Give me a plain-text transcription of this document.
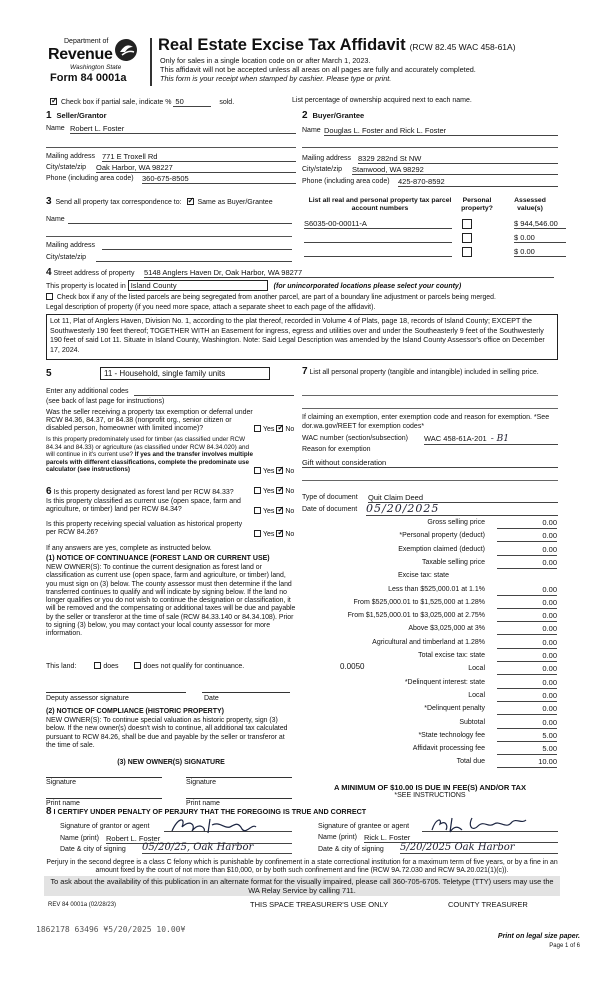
Department of
Revenue
Washington State
Form 84 0001a
Real Estate Excise Tax Affidavit (RCW 82.45 WAC 458-61A)
Only for sales in a single location code on or after March 1, 2023.
This affidavit will not be accepted unless all areas on all pages are fully and accurately completed.
This form is your receipt when stamped by cashier. Please type or print.
✓ Check box if partial sale, indicate % 50	sold.	List percentage of ownership acquired next to each name.
1 Seller/Grantor
Name Robert L. Foster
Mailing address 771 E Troxell Rd
City/state/zip Oak Harbor, WA 98227
Phone (including area code) 360-675-8505
2 Buyer/Grantee
Name Douglas L. Foster and Rick L. Foster
Mailing address 8329 282nd St NW
City/state/zip Stanwood, WA 98292
Phone (including area code) 425-870-8592
3 Send all property tax correspondence to: ✓ Same as Buyer/Grantee
Name
Mailing address
City/state/zip
List all real and personal property tax parcel account numbers
Personal property?
Assessed value(s)
S6035-00-00011-A	$ 944,546.00
$ 0.00
$ 0.00
4 Street address of property 5148 Anglers Haven Dr, Oak Harbor, WA 98277
This property is located in Island County	(for unincorporated locations please select your county)
Check box if any of the listed parcels are being segregated from another parcel, are part of a boundary line adjustment or parcels being merged.
Legal description of property (if you need more space, attach a separate sheet to each page of the affidavit).
Lot 11, Plat of Anglers Haven, Division No. 1, according to the plat thereof, recorded in Volume 4 of Plats, page 18, records of Island County; EXCEPT the Southwesterly 190 feet thereof; TOGETHER WITH an Easement for ingress, egress and utilities over and under the Southeasterly 9 feet of the Southwesterly 190 feet of said Lot 11. Situate in Island County, Washington. Note: Said Legal Description was amended by the Island County Assessor's office on December 17, 2024.
5	11 - Household, single family units
Enter any additional codes
(see back of last page for instructions)
Was the seller receiving a property tax exemption or deferral under RCW 84.36, 84.37, or 84.38 (nonprofit org., senior citizen or disabled person, homeowner with limited income)?	Yes ✓ No
Is this property predominately used for timber (as classified under RCW 84.34 and 84.33) or agriculture (as classified under RCW 84.34.020) and will continue in it's current use? If yes and the transfer involves multiple parcels with different classifications, complete the predominate use calculator (see instructions)	Yes ✓ No
6 Is this property designated as forest land per RCW 84.33?	Yes ✓ No
Is this property classified as current use (open space, farm and agriculture, or timber) land per RCW 84.34?	Yes ✓ No
Is this property receiving special valuation as historical property per RCW 84.26?	Yes ✓ No
If any answers are yes, complete as instructed below.
(1) NOTICE OF CONTINUANCE (FOREST LAND OR CURRENT USE)
NEW OWNER(S): To continue the current designation as forest land or classification as current use (open space, farm and agriculture, or timber) land, you must sign on (3) below. The county assessor must then determine if the land transferred continues to qualify and will indicate by signing below. If the land no longer qualifies or you do not wish to continue the designation or classification, it will be removed and the compensating or additional taxes will be due and payable by the seller or transferor at the time of sale (RCW 84.33.140 or 84.34.108). Prior to signing (3) below, you may contact your local county assessor for more information.
This land:	does	does not qualify for continuance.
Deputy assessor signature	Date
(2) NOTICE OF COMPLIANCE (HISTORIC PROPERTY)
NEW OWNER(S): To continue special valuation as historic property, sign (3) below. If the new owner(s) doesn't wish to continue, all additional tax calculated pursuant to RCW 84.26, shall be due and payable by the seller or transferor at the time of sale.
(3) NEW OWNER(S) SIGNATURE
Signature	Signature
Print name	Print name
7 List all personal property (tangible and intangible) included in selling price.
If claiming an exemption, enter exemption code and reason for exemption. *See dor.wa.gov/REET for exemption codes*
WAC number (section/subsection) WAC 458-61A-201 - B1
Reason for exemption
Gift without consideration
Type of document Quit Claim Deed
Date of document 05/20/2025
Gross selling price	0.00
*Personal property (deduct)	0.00
Exemption claimed (deduct)	0.00
Taxable selling price	0.00
Excise tax: state
Less than $525,000.01 at 1.1%	0.00
From $525,000.01 to $1,525,000 at 1.28%	0.00
From $1,525,000.01 to $3,025,000 at 2.75%	0.00
Above $3,025,000 at 3%	0.00
Agricultural and timberland at 1.28%	0.00
Total excise tax: state	0.00
Local	0.00
*Delinquent interest: state	0.00
Local	0.00
*Delinquent penalty	0.00
Subtotal	0.00
*State technology fee	5.00
Affidavit processing fee	5.00
Total due	10.00
0.0050
A MINIMUM OF $10.00 IS DUE IN FEE(S) AND/OR TAX
*SEE INSTRUCTIONS
8 I CERTIFY UNDER PENALTY OF PERJURY THAT THE FOREGOING IS TRUE AND CORRECT
Signature of grantor or agent
Name (print) Robert L. Foster
Date & city of signing 05/20/25, Oak Harbor
Signature of grantee or agent
Name (print) Rick L. Foster
Date & city of signing 5/20/2025 Oak Harbor
Perjury in the second degree is a class C felony which is punishable by confinement in a state correctional institution for a maximum term of five years, or by a fine in an amount fixed by the court of not more than $10,000, or by both such confinement and fine (RCW 9A.72.030 and RCW 9A.20.021(1)(c)).
To ask about the availability of this publication in an alternate format for the visually impaired, please call 360-705-6705. Teletype (TTY) users may use the WA Relay Service by calling 711.
REV 84 0001a (02/28/23)	THIS SPACE TREASURER'S USE ONLY	COUNTY TREASURER
1862178 63496 ¥5/20/2025 10.00¥
Print on legal size paper.
Page 1 of 6
